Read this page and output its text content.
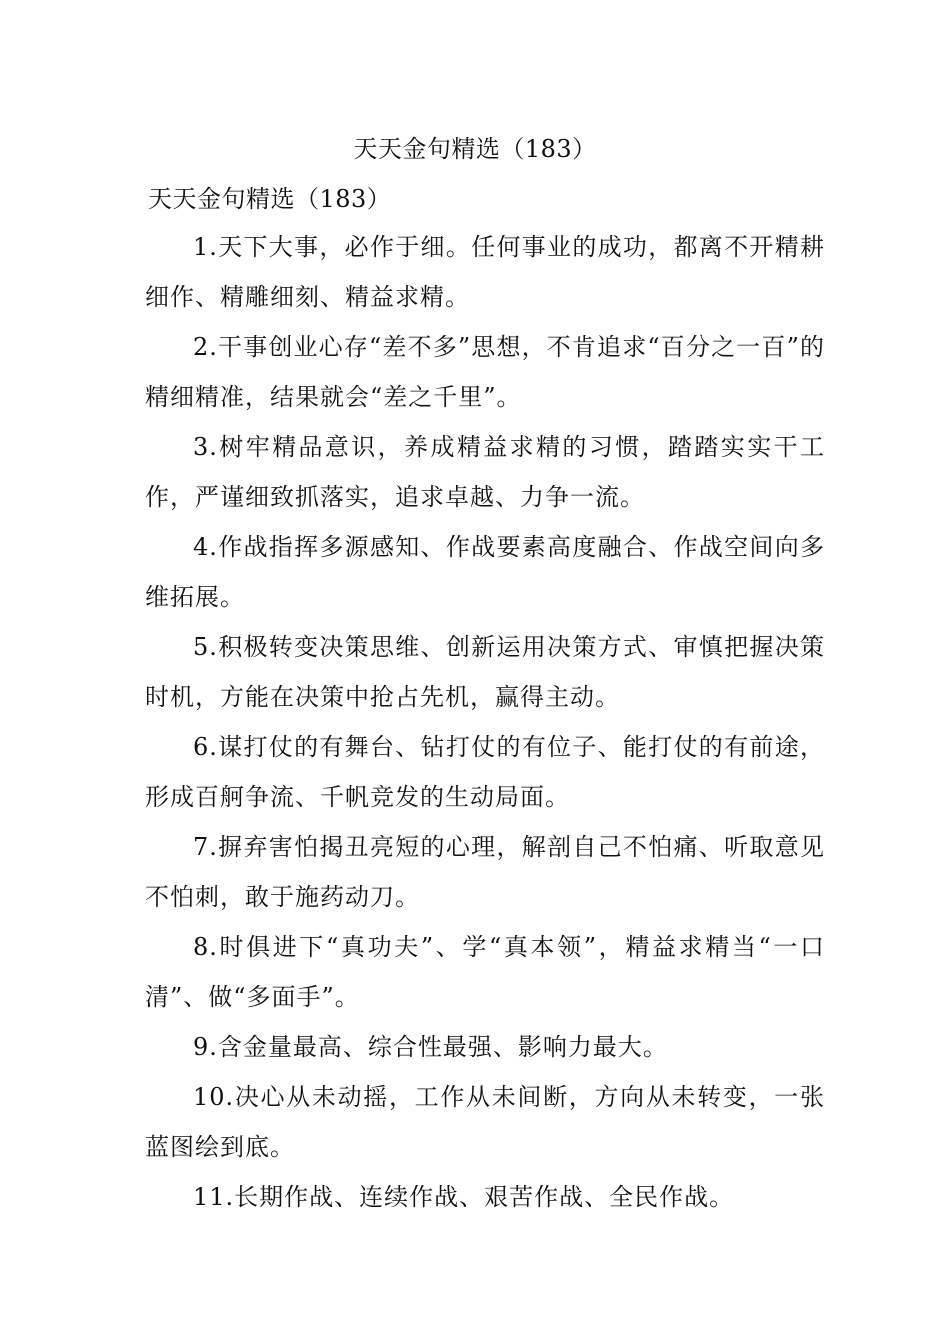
天天金句精选（183）
天天金句精选（183）

1.天下大事，必作于细。任何事业的成功，都离不开精耕细作、精雕细刻、精益求精。

2.干事创业心存“差不多”思想，不肯追求“百分之一百”的精细精准，结果就会“差之千里”。

3.树牢精品意识，养成精益求精的习惯，踏踏实实干工作，严谨细致抓落实，追求卓越、力争一流。

4.作战指挥多源感知、作战要素高度融合、作战空间向多维拓展。

5.积极转变决策思维、创新运用决策方式、审慎把握决策时机，方能在决策中抢占先机，赢得主动。

6.谋打仗的有舞台、钻打仗的有位子、能打仗的有前途，形成百舸争流、千帆竞发的生动局面。

7.摒弃害怕揭丑亮短的心理，解剖自己不怕痛、听取意见不怕刺，敢于施药动刀。

8.时俱进下“真功夫”、学“真本领”，精益求精当“一口清”、做“多面手”。

9.含金量最高、综合性最强、影响力最大。

10.决心从未动摇，工作从未间断，方向从未转变，一张蓝图绘到底。

11.长期作战、连续作战、艰苦作战、全民作战。
